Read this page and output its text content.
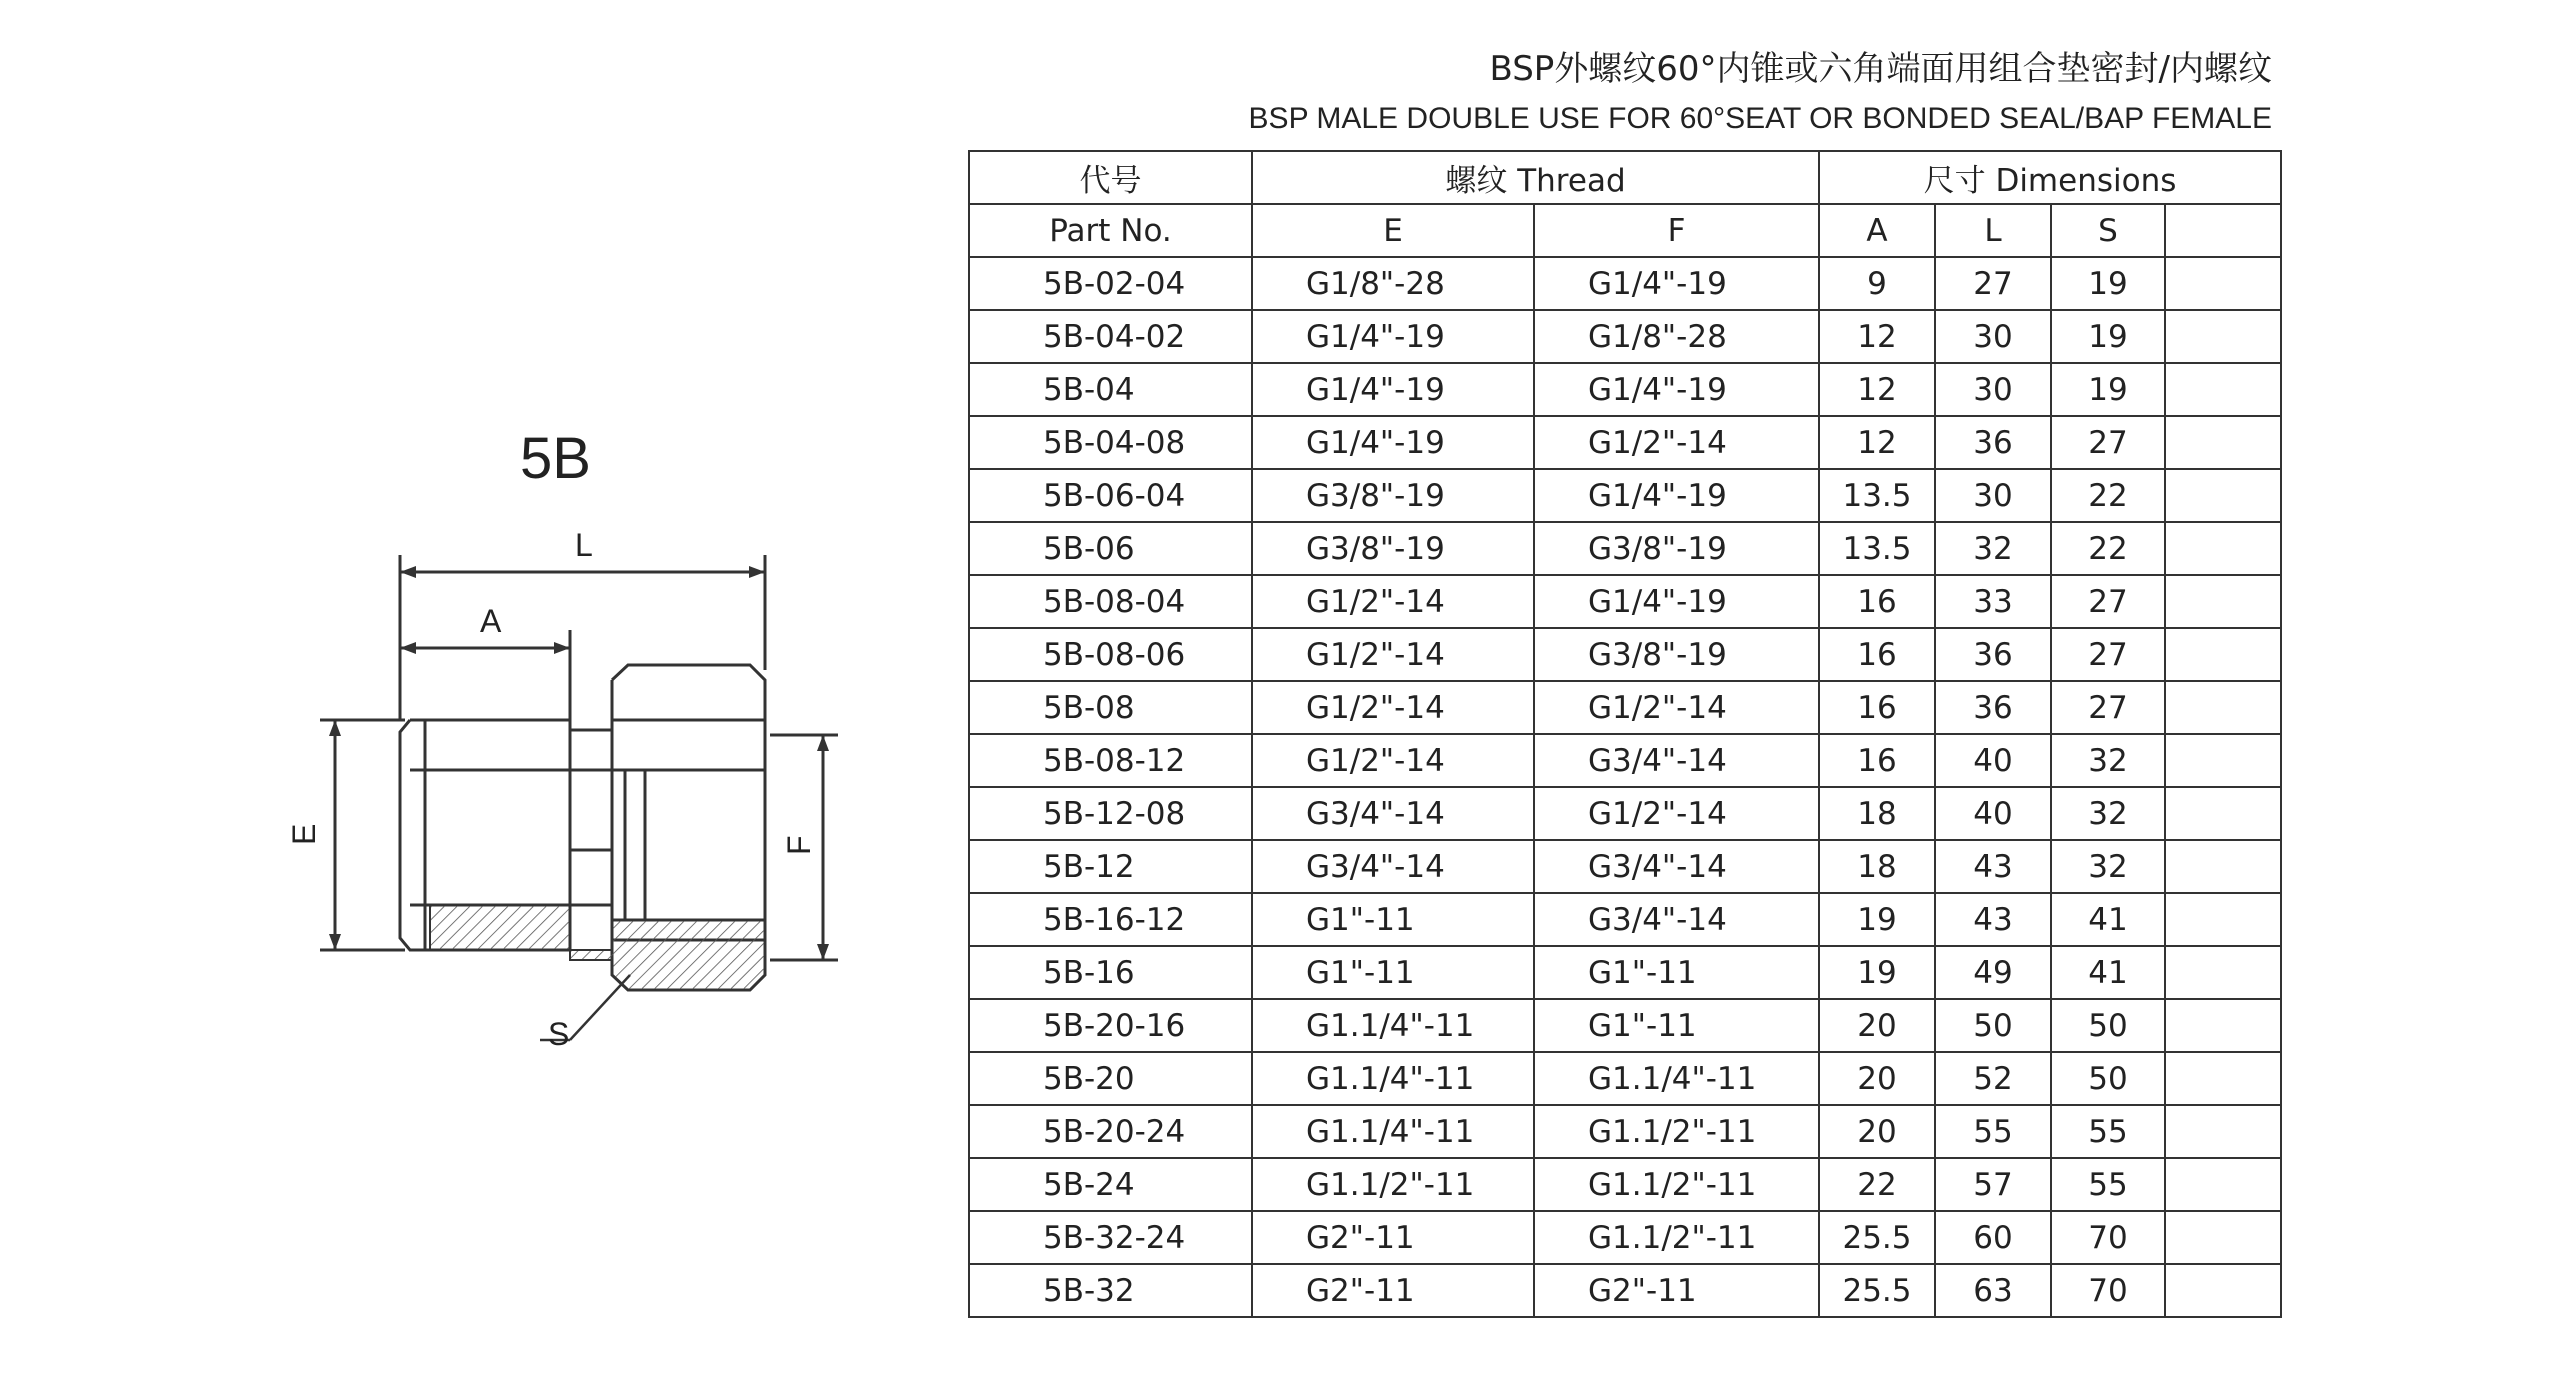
5B
L
A
S
E
F
BSP外螺纹60°内锥或六角端面用组合垫密封/内螺纹
BSP MALE DOUBLE USE FOR 60°SEAT OR BONDED SEAL/BAP FEMALE
代号	螺纹 Thread		尺寸 Dimensions			
Part No.	E	F	A	L	S	
5B-02-04	G1/8"-28	G1/4"-19	9	27	19	
5B-04-02	G1/4"-19	G1/8"-28	12	30	19	
5B-04	G1/4"-19	G1/4"-19	12	30	19	
5B-04-08	G1/4"-19	G1/2"-14	12	36	27	
5B-06-04	G3/8"-19	G1/4"-19	13.5	30	22	
5B-06	G3/8"-19	G3/8"-19	13.5	32	22	
5B-08-04	G1/2"-14	G1/4"-19	16	33	27	
5B-08-06	G1/2"-14	G3/8"-19	16	36	27	
5B-08	G1/2"-14	G1/2"-14	16	36	27	
5B-08-12	G1/2"-14	G3/4"-14	16	40	32	
5B-12-08	G3/4"-14	G1/2"-14	18	40	32	
5B-12	G3/4"-14	G3/4"-14	18	43	32	
5B-16-12	G1"-11	G3/4"-14	19	43	41	
5B-16	G1"-11	G1"-11	19	49	41	
5B-20-16	G1.1/4"-11	G1"-11	20	50	50	
5B-20	G1.1/4"-11	G1.1/4"-11	20	52	50	
5B-20-24	G1.1/4"-11	G1.1/2"-11	20	55	55	
5B-24	G1.1/2"-11	G1.1/2"-11	22	57	55	
5B-32-24	G2"-11	G1.1/2"-11	25.5	60	70	
5B-32	G2"-11	G2"-11	25.5	63	70	
